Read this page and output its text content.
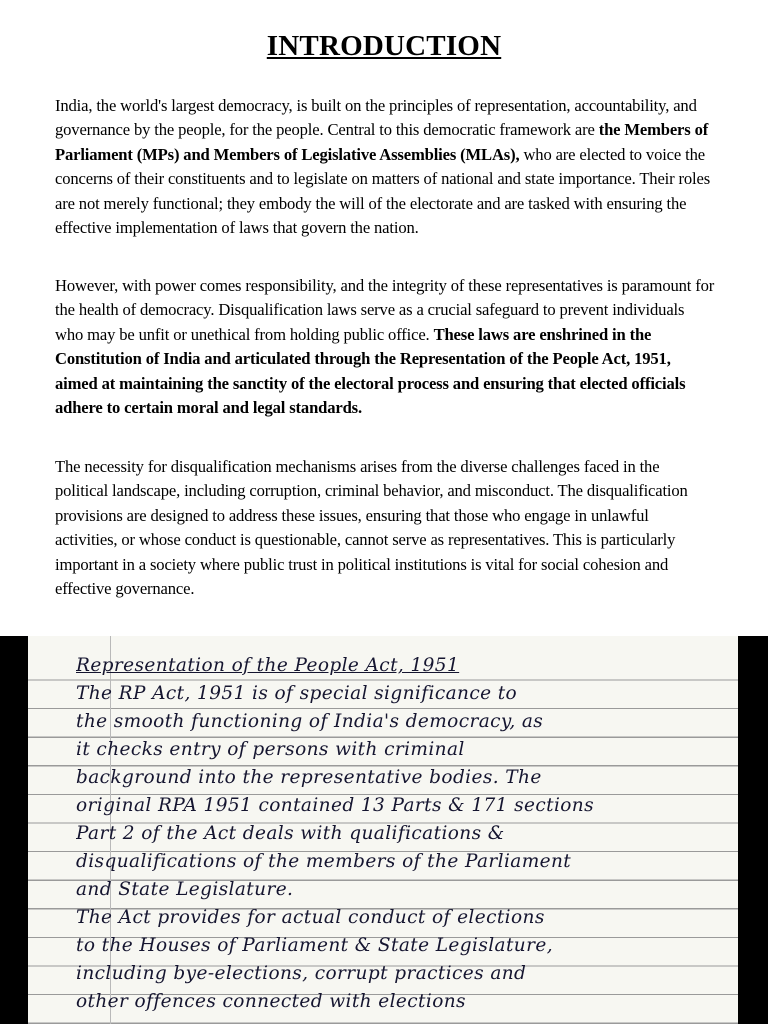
INTRODUCTION

India, the world's largest democracy, is built on the principles of representation, accountability, and governance by the people, for the people. Central to this democratic framework are the Members of Parliament (MPs) and Members of Legislative Assemblies (MLAs), who are elected to voice the concerns of their constituents and to legislate on matters of national and state importance. Their roles are not merely functional; they embody the will of the electorate and are tasked with ensuring the effective implementation of laws that govern the nation.

However, with power comes responsibility, and the integrity of these representatives is paramount for the health of democracy. Disqualification laws serve as a crucial safeguard to prevent individuals who may be unfit or unethical from holding public office. These laws are enshrined in the Constitution of India and articulated through the Representation of the People Act, 1951, aimed at maintaining the sanctity of the electoral process and ensuring that elected officials adhere to certain moral and legal standards.

The necessity for disqualification mechanisms arises from the diverse challenges faced in the political landscape, including corruption, criminal behavior, and misconduct. The disqualification provisions are designed to address these issues, ensuring that those who engage in unlawful activities, or whose conduct is questionable, cannot serve as representatives. This is particularly important in a society where public trust in political institutions is vital for social cohesion and effective governance.

Representation of the People Act, 1951
The RP Act, 1951 is of special significance to
the smooth functioning of India's democracy, as
it checks entry of persons with criminal
background into the representative bodies. The
original RPA 1951 contained 13 Parts & 171 sections
Part 2 of the Act deals with qualifications &
disqualifications of the members of the Parliament
and State Legislature.
The Act provides for actual conduct of elections
to the Houses of Parliament & State Legislature,
including bye-elections, corrupt practices and
other offences connected with elections
